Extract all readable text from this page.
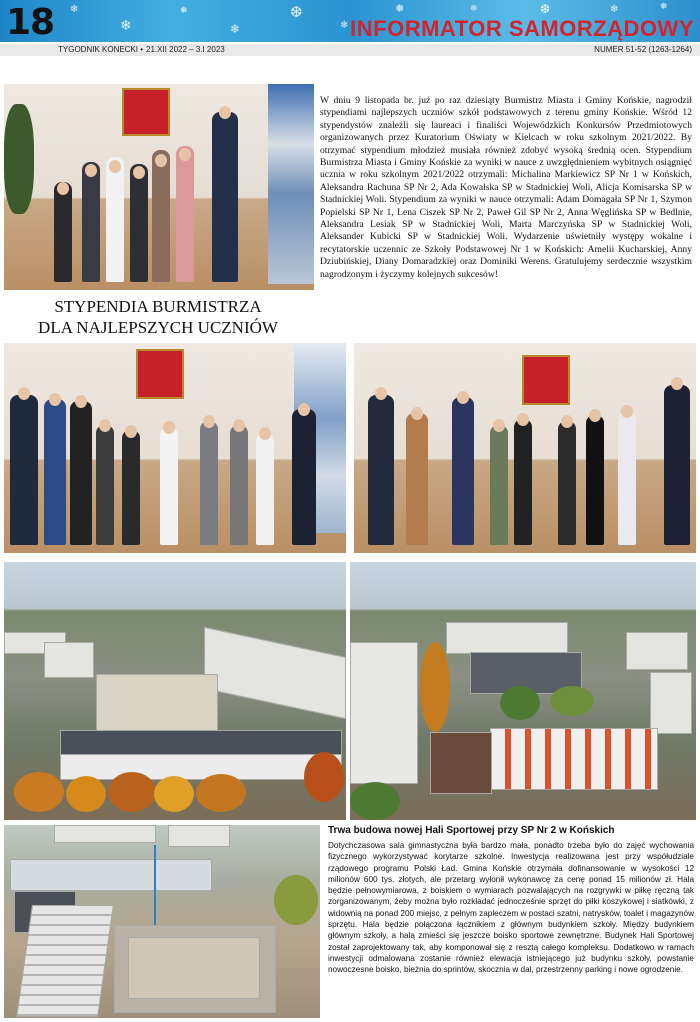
❄
❄
❅
❄
❆
❄
❅	❄	❆	❄	❅
18	INFORMATOR SAMORZĄDOWY
TYGODNIK KONECKI • 21.XII 2022 – 3.I 2023	NUMER 51-52 (1263-1264)
STYPENDIA BURMISTRZA
DLA NAJLEPSZYCH UCZNIÓW
W dniu 9 listopada br. już po raz dziesiąty Burmistrz Miasta i Gminy Końskie, nagrodził stypendiami najlepszych uczniów szkół podstawowych z terenu gminy Końskie. Wśród 12 stypendystów znaleźli się laureaci i finaliści Wojewódzkich Konkursów Przedmiotowych organizowanych przez Kuratorium Oświaty w Kielcach w roku szkolnym 2021/2022. By otrzymać stypendium młodzież musiała również zdobyć wysoką średnią ocen. Stypendium Burmistrza Miasta i Gminy Końskie za wyniki w nauce z uwzględnieniem wybitnych osiągnięć ucznia w roku szkolnym 2021/2022 otrzymali: Michalina Markiewicz SP Nr 1 w Końskich, Aleksandra Rachuna SP Nr 2, Ada Kowalska SP w Stadnickiej Woli, Alicja Komisarska SP w Stadnickiej Woli. Stypendium za wyniki w nauce otrzymali: Adam Domagała SP Nr 1, Szymon Popielski SP Nr 1, Lena Ciszek SP Nr 2, Paweł Gil SP Nr 2, Anna Węglińska SP w Bedlnie, Aleksandra Lesiak SP w Stadnickiej Woli, Marta Marczyńska SP w Stadnickiej Woli, Aleksander Kubicki SP w Stadnickiej Woli. Wydarzenie uświetniły występy wokalne i recytatorskie uczennic ze Szkoły Podstawowej Nr 1 w Końskich: Amelii Kucharskiej, Anny Dziubińskiej, Diany Domaradzkiej oraz Dominiki Werens. Gratulujemy serdecznie wszystkim nagrodzonym i życzymy kolejnych sukcesów!
Trwa budowa nowej Hali Sportowej przy SP Nr 2 w Końskich
Dotychczasowa sala gimnastyczna była bardzo mała, ponadto trzeba było do zajęć wychowania fizycznego wykorzystywać korytarze szkolne. Inwestycja realizowana jest przy współudziale rządowego programu Polski Ład. Gmina Końskie otrzymała dofinansowanie w wysokości 12 milionów 600 tys. złotych, ale przetarg wyłonił wykonawcę za cenę ponad 15 milionów zł. Hala będzie pełnowymiarowa, z boiskiem o wymiarach pozwalających na rozgrywki w piłkę ręczną tak zorganizowanym, żeby można było rozkładać jednocześnie sprzęt do piłki koszykowej i siatkówki, z widownią na ponad 200 miejsc, z pełnym zapleczem w postaci szatni, natrysków, toalet i magazynów sprzętu. Hala będzie połączona łącznikiem z głównym budynkiem szkoły. Między budynkiem głównym szkoły, a halą zmieści się jeszcze boisko sportowe zewnętrzne. Budynek Hali Sportowej został zaprojektowany tak, aby komponował się z resztą całego kompleksu. Dodatkowo w ramach inwestycji odmalowana zostanie również elewacja istniejącego już budynku szkoły, powstanie nowoczesne boisko, bieżnia do sprintów, skocznia w dal, przestrzenny parking i nowe ogrodzenie.
